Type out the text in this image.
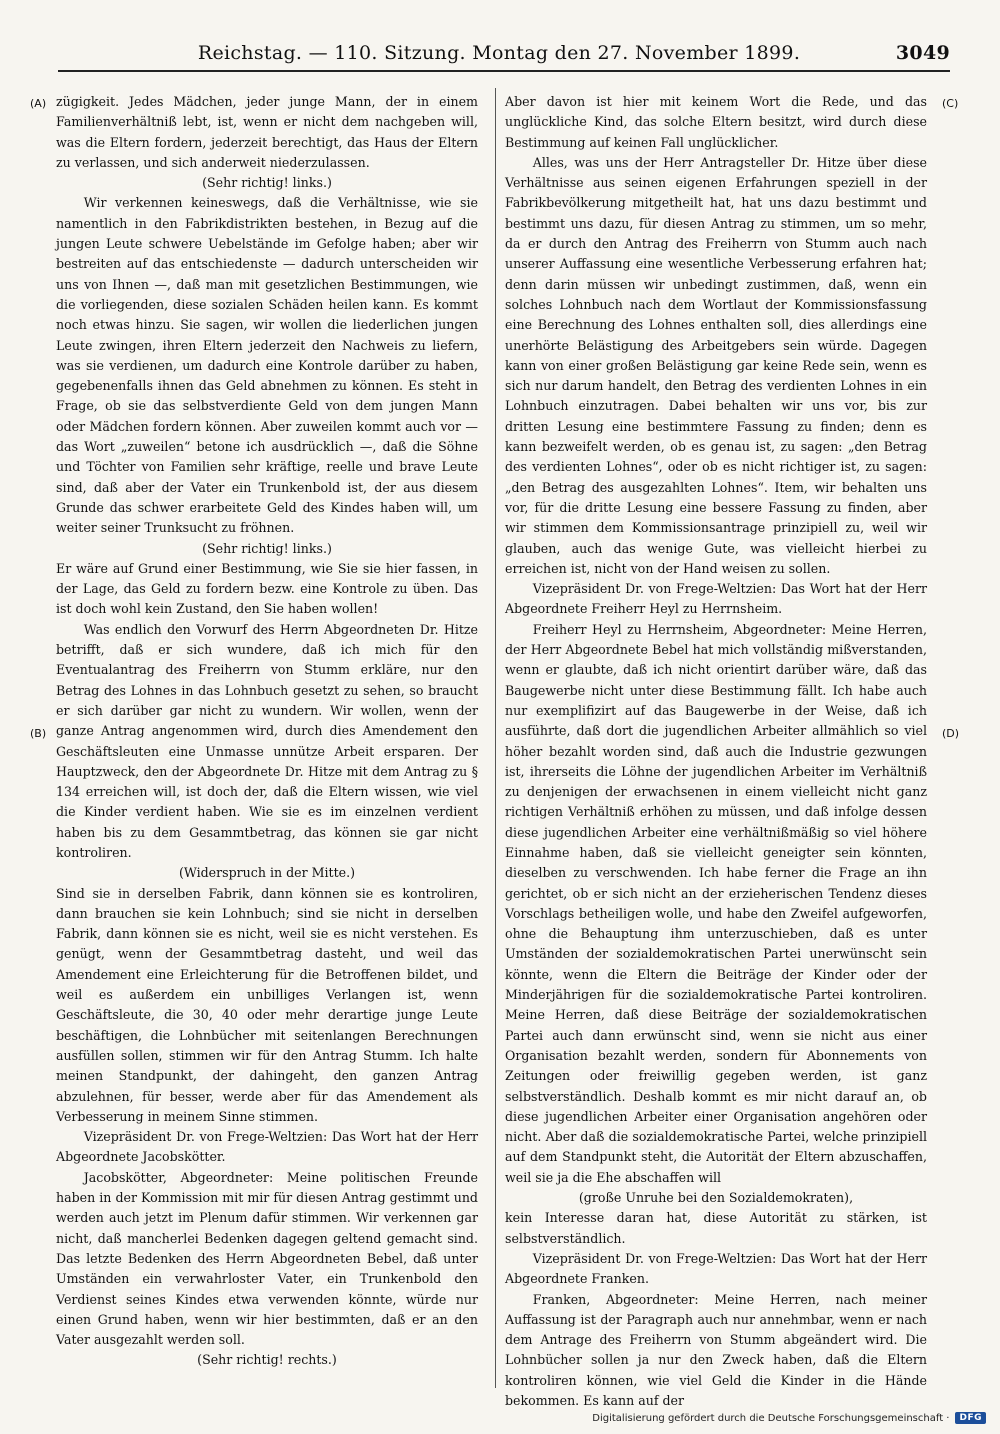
Reichstag. — 110. Sitzung. Montag den 27. November 1899.	3049
(A)
(B)
(C)
(D)

zügigkeit. Jedes Mädchen, jeder junge Mann, der in einem Familienverhältniß lebt, ist, wenn er nicht dem nachgeben will, was die Eltern fordern, jederzeit berechtigt, das Haus der Eltern zu verlassen, und sich anderweit niederzulassen.

(Sehr richtig! links.)

Wir verkennen keineswegs, daß die Verhältnisse, wie sie namentlich in den Fabrikdistrikten bestehen, in Bezug auf die jungen Leute schwere Uebelstände im Gefolge haben; aber wir bestreiten auf das entschiedenste — dadurch unterscheiden wir uns von Ihnen —, daß man mit gesetzlichen Bestimmungen, wie die vorliegenden, diese sozialen Schäden heilen kann. Es kommt noch etwas hinzu. Sie sagen, wir wollen die liederlichen jungen Leute zwingen, ihren Eltern jederzeit den Nachweis zu liefern, was sie verdienen, um dadurch eine Kontrole darüber zu haben, gegebenenfalls ihnen das Geld abnehmen zu können. Es steht in Frage, ob sie das selbstverdiente Geld von dem jungen Mann oder Mädchen fordern können. Aber zuweilen kommt auch vor — das Wort „zuweilen“ betone ich ausdrücklich —, daß die Söhne und Töchter von Familien sehr kräftige, reelle und brave Leute sind, daß aber der Vater ein Trunkenbold ist, der aus diesem Grunde das schwer erarbeitete Geld des Kindes haben will, um weiter seiner Trunksucht zu fröhnen.

(Sehr richtig! links.)

Er wäre auf Grund einer Bestimmung, wie Sie sie hier fassen, in der Lage, das Geld zu fordern bezw. eine Kontrole zu üben. Das ist doch wohl kein Zustand, den Sie haben wollen!

Was endlich den Vorwurf des Herrn Abgeordneten Dr. Hitze betrifft, daß er sich wundere, daß ich mich für den Eventualantrag des Freiherrn von Stumm erkläre, nur den Betrag des Lohnes in das Lohnbuch gesetzt zu sehen, so braucht er sich darüber gar nicht zu wundern. Wir wollen, wenn der ganze Antrag angenommen wird, durch dies Amendement den Geschäftsleuten eine Unmasse unnütze Arbeit ersparen. Der Hauptzweck, den der Abgeordnete Dr. Hitze mit dem Antrag zu § 134 erreichen will, ist doch der, daß die Eltern wissen, wie viel die Kinder verdient haben. Wie sie es im einzelnen verdient haben bis zu dem Gesammtbetrag, das können sie gar nicht kontroliren.

(Widerspruch in der Mitte.)

Sind sie in derselben Fabrik, dann können sie es kontroliren, dann brauchen sie kein Lohnbuch; sind sie nicht in derselben Fabrik, dann können sie es nicht, weil sie es nicht verstehen. Es genügt, wenn der Gesammtbetrag dasteht, und weil das Amendement eine Erleichterung für die Betroffenen bildet, und weil es außerdem ein unbilliges Verlangen ist, wenn Geschäftsleute, die 30, 40 oder mehr derartige junge Leute beschäftigen, die Lohnbücher mit seitenlangen Berechnungen ausfüllen sollen, stimmen wir für den Antrag Stumm. Ich halte meinen Standpunkt, der dahingeht, den ganzen Antrag abzulehnen, für besser, werde aber für das Amendement als Verbesserung in meinem Sinne stimmen.

Vizepräsident Dr. von Frege-Weltzien: Das Wort hat der Herr Abgeordnete Jacobskötter.

Jacobskötter, Abgeordneter: Meine politischen Freunde haben in der Kommission mit mir für diesen Antrag gestimmt und werden auch jetzt im Plenum dafür stimmen. Wir verkennen gar nicht, daß mancherlei Bedenken dagegen geltend gemacht sind. Das letzte Bedenken des Herrn Abgeordneten Bebel, daß unter Umständen ein verwahrloster Vater, ein Trunkenbold den Verdienst seines Kindes etwa verwenden könnte, würde nur einen Grund haben, wenn wir hier bestimmten, daß er an den Vater ausgezahlt werden soll.

(Sehr richtig! rechts.)

Aber davon ist hier mit keinem Wort die Rede, und das unglückliche Kind, das solche Eltern besitzt, wird durch diese Bestimmung auf keinen Fall unglücklicher.

Alles, was uns der Herr Antragsteller Dr. Hitze über diese Verhältnisse aus seinen eigenen Erfahrungen speziell in der Fabrikbevölkerung mitgetheilt hat, hat uns dazu bestimmt und bestimmt uns dazu, für diesen Antrag zu stimmen, um so mehr, da er durch den Antrag des Freiherrn von Stumm auch nach unserer Auffassung eine wesentliche Verbesserung erfahren hat; denn darin müssen wir unbedingt zustimmen, daß, wenn ein solches Lohnbuch nach dem Wortlaut der Kommissionsfassung eine Berechnung des Lohnes enthalten soll, dies allerdings eine unerhörte Belästigung des Arbeitgebers sein würde. Dagegen kann von einer großen Belästigung gar keine Rede sein, wenn es sich nur darum handelt, den Betrag des verdienten Lohnes in ein Lohnbuch einzutragen. Dabei behalten wir uns vor, bis zur dritten Lesung eine bestimmtere Fassung zu finden; denn es kann bezweifelt werden, ob es genau ist, zu sagen: „den Betrag des verdienten Lohnes“, oder ob es nicht richtiger ist, zu sagen: „den Betrag des ausgezahlten Lohnes“. Item, wir behalten uns vor, für die dritte Lesung eine bessere Fassung zu finden, aber wir stimmen dem Kommissionsantrage prinzipiell zu, weil wir glauben, auch das wenige Gute, was vielleicht hierbei zu erreichen ist, nicht von der Hand weisen zu sollen.

Vizepräsident Dr. von Frege-Weltzien: Das Wort hat der Herr Abgeordnete Freiherr Heyl zu Herrnsheim.

Freiherr Heyl zu Herrnsheim, Abgeordneter: Meine Herren, der Herr Abgeordnete Bebel hat mich vollständig mißverstanden, wenn er glaubte, daß ich nicht orientirt darüber wäre, daß das Baugewerbe nicht unter diese Bestimmung fällt. Ich habe auch nur exemplifizirt auf das Baugewerbe in der Weise, daß ich ausführte, daß dort die jugendlichen Arbeiter allmählich so viel höher bezahlt worden sind, daß auch die Industrie gezwungen ist, ihrerseits die Löhne der jugendlichen Arbeiter im Verhältniß zu denjenigen der erwachsenen in einem vielleicht nicht ganz richtigen Verhältniß erhöhen zu müssen, und daß infolge dessen diese jugendlichen Arbeiter eine verhältnißmäßig so viel höhere Einnahme haben, daß sie vielleicht geneigter sein könnten, dieselben zu verschwenden. Ich habe ferner die Frage an ihn gerichtet, ob er sich nicht an der erzieherischen Tendenz dieses Vorschlags betheiligen wolle, und habe den Zweifel aufgeworfen, ohne die Behauptung ihm unterzuschieben, daß es unter Umständen der sozialdemokratischen Partei unerwünscht sein könnte, wenn die Eltern die Beiträge der Kinder oder der Minderjährigen für die sozialdemokratische Partei kontroliren. Meine Herren, daß diese Beiträge der sozialdemokratischen Partei auch dann erwünscht sind, wenn sie nicht aus einer Organisation bezahlt werden, sondern für Abonnements von Zeitungen oder freiwillig gegeben werden, ist ganz selbstverständlich. Deshalb kommt es mir nicht darauf an, ob diese jugendlichen Arbeiter einer Organisation angehören oder nicht. Aber daß die sozialdemokratische Partei, welche prinzipiell auf dem Standpunkt steht, die Autorität der Eltern abzuschaffen, weil sie ja die Ehe abschaffen will

(große Unruhe bei den Sozialdemokraten),

kein Interesse daran hat, diese Autorität zu stärken, ist selbstverständlich.

Vizepräsident Dr. von Frege-Weltzien: Das Wort hat der Herr Abgeordnete Franken.

Franken, Abgeordneter: Meine Herren, nach meiner Auffassung ist der Paragraph auch nur annehmbar, wenn er nach dem Antrage des Freiherrn von Stumm abgeändert wird. Die Lohnbücher sollen ja nur den Zweck haben, daß die Eltern kontroliren können, wie viel Geld die Kinder in die Hände bekommen. Es kann auf der

Digitalisierung gefördert durch die Deutsche Forschungsgemeinschaft ·	DFG
